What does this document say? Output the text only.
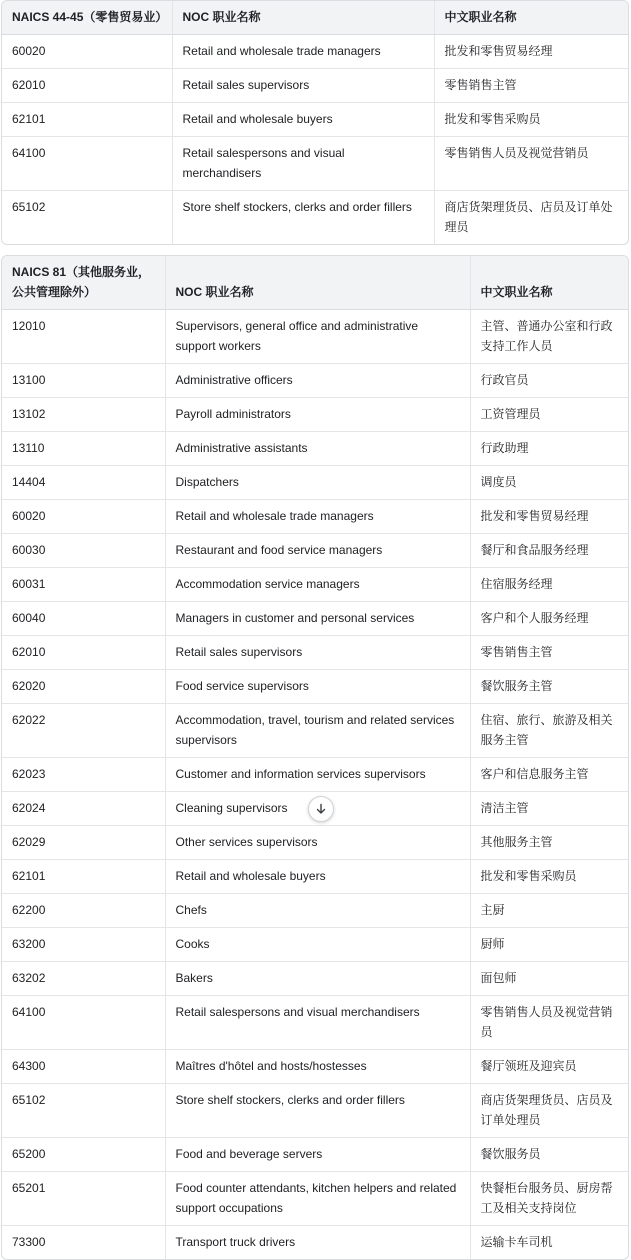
NAICS 44-45（零售贸易业）	NOC 职业名称	中文职业名称
60020	Retail and wholesale trade managers	批发和零售贸易经理
62010	Retail sales supervisors	零售销售主管
62101	Retail and wholesale buyers	批发和零售采购员
64100	Retail salespersons and visual merchandisers	零售销售人员及视觉营销员
65102	Store shelf stockers, clerks and order fillers	商店货架理货员、店员及订单处理员
NAICS 81（其他服务业，公共管理除外）	NOC 职业名称	中文职业名称
12010	Supervisors, general office and administrative support workers	主管、普通办公室和行政支持工作人员
13100	Administrative officers	行政官员
13102	Payroll administrators	工资管理员
13110	Administrative assistants	行政助理
14404	Dispatchers	调度员
60020	Retail and wholesale trade managers	批发和零售贸易经理
60030	Restaurant and food service managers	餐厅和食品服务经理
60031	Accommodation service managers	住宿服务经理
60040	Managers in customer and personal services	客户和个人服务经理
62010	Retail sales supervisors	零售销售主管
62020	Food service supervisors	餐饮服务主管
62022	Accommodation, travel, tourism and related services supervisors	住宿、旅行、旅游及相关服务主管
62023	Customer and information services supervisors	客户和信息服务主管
62024	Cleaning supervisors	清洁主管
62029	Other services supervisors	其他服务主管
62101	Retail and wholesale buyers	批发和零售采购员
62200	Chefs	主厨
63200	Cooks	厨师
63202	Bakers	面包师
64100	Retail salespersons and visual merchandisers	零售销售人员及视觉营销员
64300	Maîtres d'hôtel and hosts/hostesses	餐厅领班及迎宾员
65102	Store shelf stockers, clerks and order fillers	商店货架理货员、店员及订单处理员
65200	Food and beverage servers	餐饮服务员
65201	Food counter attendants, kitchen helpers and related support occupations	快餐柜台服务员、厨房帮工及相关支持岗位
73300	Transport truck drivers	运输卡车司机
